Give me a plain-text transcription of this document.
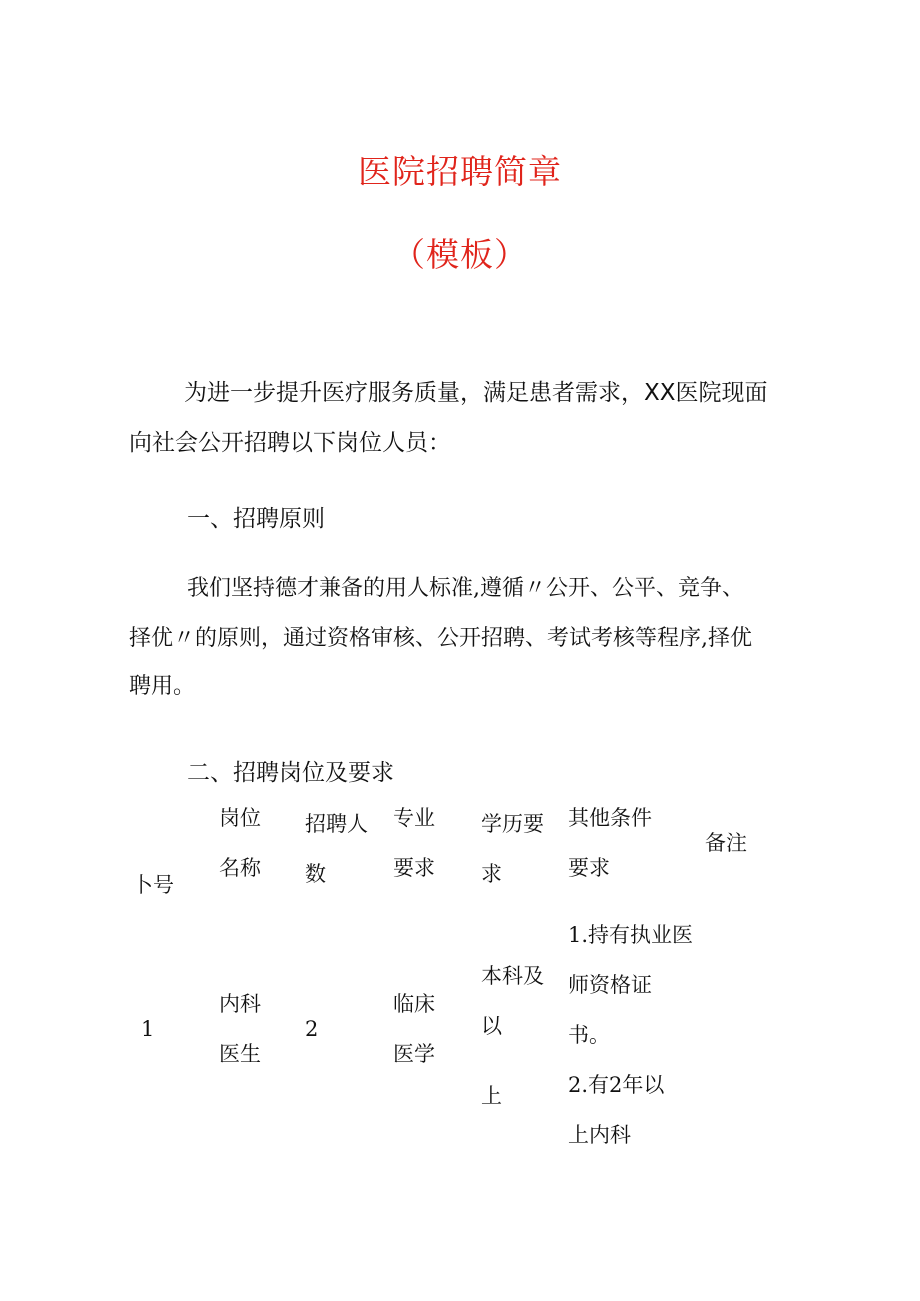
医院招聘简章
（模板）
为进一步提升医疗服务质量，满足患者需求，XX医院现面
向社会公开招聘以下岗位人员：
一、招聘原则
我们坚持德才兼备的用人标准,遵循〃公开、公平、竞争、
择优〃的原则，通过资格审核、公开招聘、考试考核等程序,择优
聘用。
二、招聘岗位及要求
卜号
岗位
名称
招聘人
数
专业
要求
学历要
求
其他条件
要求
备注
1
内科
医生
2
临床
医学
本科及
以
上
1.持有执业医
师资格证
书。
2.有2年以
上内科
